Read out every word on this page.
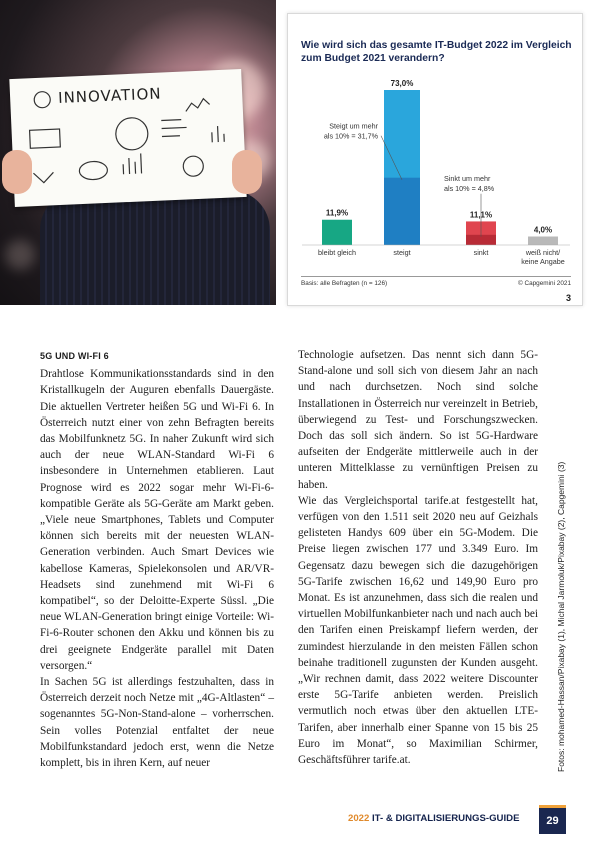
INNOVATION
Wie wird sich das gesamte IT-Budget 2022 im Vergleich zum Budget 2021 verandern?
11,9%
bleibt gleich
73,0%
steigt
11,1%
sinkt
4,0%
weiß nicht/
keine Angabe
Steigt um mehr
als 10% = 31,7%
Sinkt um mehr
als 10% = 4,8%
Basis: alle Befragten (n = 126)	© Capgemini 2021
3
5G UND WI-FI 6

Drahtlose Kommunikationsstandards sind in den Kristallkugeln der Auguren ebenfalls Dauergäste. Die aktuellen Vertreter heißen 5G und Wi-Fi 6. In Österreich nutzt einer von zehn Befragten bereits das Mobilfunknetz 5G. In naher Zukunft wird sich auch der neue WLAN-Standard Wi-Fi 6 insbesondere in Unternehmen etablieren. Laut Prognose wird es 2022 sogar mehr Wi-Fi-6-kompatible Geräte als 5G-Geräte am Markt geben. „Viele neue Smartphones, Tablets und Computer können sich bereits mit der neuesten WLAN-Generation verbinden. Auch Smart Devices wie kabellose Kameras, Spielekonsolen und AR/VR-Headsets sind zunehmend mit Wi-Fi 6 kompatibel“, so der Deloitte-Experte Süssl. „Die neue WLAN-Generation bringt einige Vorteile: Wi-Fi-6-Router schonen den Akku und können bis zu drei geeignete Endgeräte parallel mit Daten versorgen.“

In Sachen 5G ist allerdings festzuhalten, dass in Österreich derzeit noch Netze mit „4G-Altlasten“ – sogenanntes 5G-Non-Stand-alone – vorherrschen. Sein volles Potenzial entfaltet der neue Mobilfunkstandard jedoch erst, wenn die Netze komplett, bis in ihren Kern, auf neuer

Technologie aufsetzen. Das nennt sich dann 5G-Stand-alone und soll sich von diesem Jahr an nach und nach durchsetzen. Noch sind solche Installationen in Österreich nur vereinzelt in Betrieb, überwiegend zu Test- und Forschungszwecken. Doch das soll sich ändern. So ist 5G-Hardware aufseiten der Endgeräte mittlerweile auch in der unteren Mittelklasse zu vernünftigen Preisen zu haben.

Wie das Vergleichsportal tarife.at festgestellt hat, verfügen von den 1.511 seit 2020 neu auf Geizhals gelisteten Handys 609 über ein 5G-Modem. Die Preise liegen zwischen 177 und 3.349 Euro. Im Gegensatz dazu bewegen sich die dazugehörigen 5G-Tarife zwischen 16,62 und 149,90 Euro pro Monat. Es ist anzunehmen, dass sich die realen und virtuellen Mobilfunkanbieter nach und nach auch bei den Tarifen einen Preiskampf liefern werden, der zumindest hierzulande in den meisten Fällen schon beinahe traditionell zugunsten der Kunden ausgeht. „Wir rechnen damit, dass 2022 weitere Discounter erste 5G-Tarife anbieten werden. Preislich vermutlich noch etwas über den aktuellen LTE-Tarifen, aber innerhalb einer Spanne von 15 bis 25 Euro im Monat“, so Maximilian Schirmer, Geschäftsführer tarife.at.	Fotos: mohamed-Hassan/Pixabay (1), Michal Jarmoluk/Pixabay (2), Capgemini (3)
2022 IT- & DIGITALISIERUNGS-GUIDE	29
